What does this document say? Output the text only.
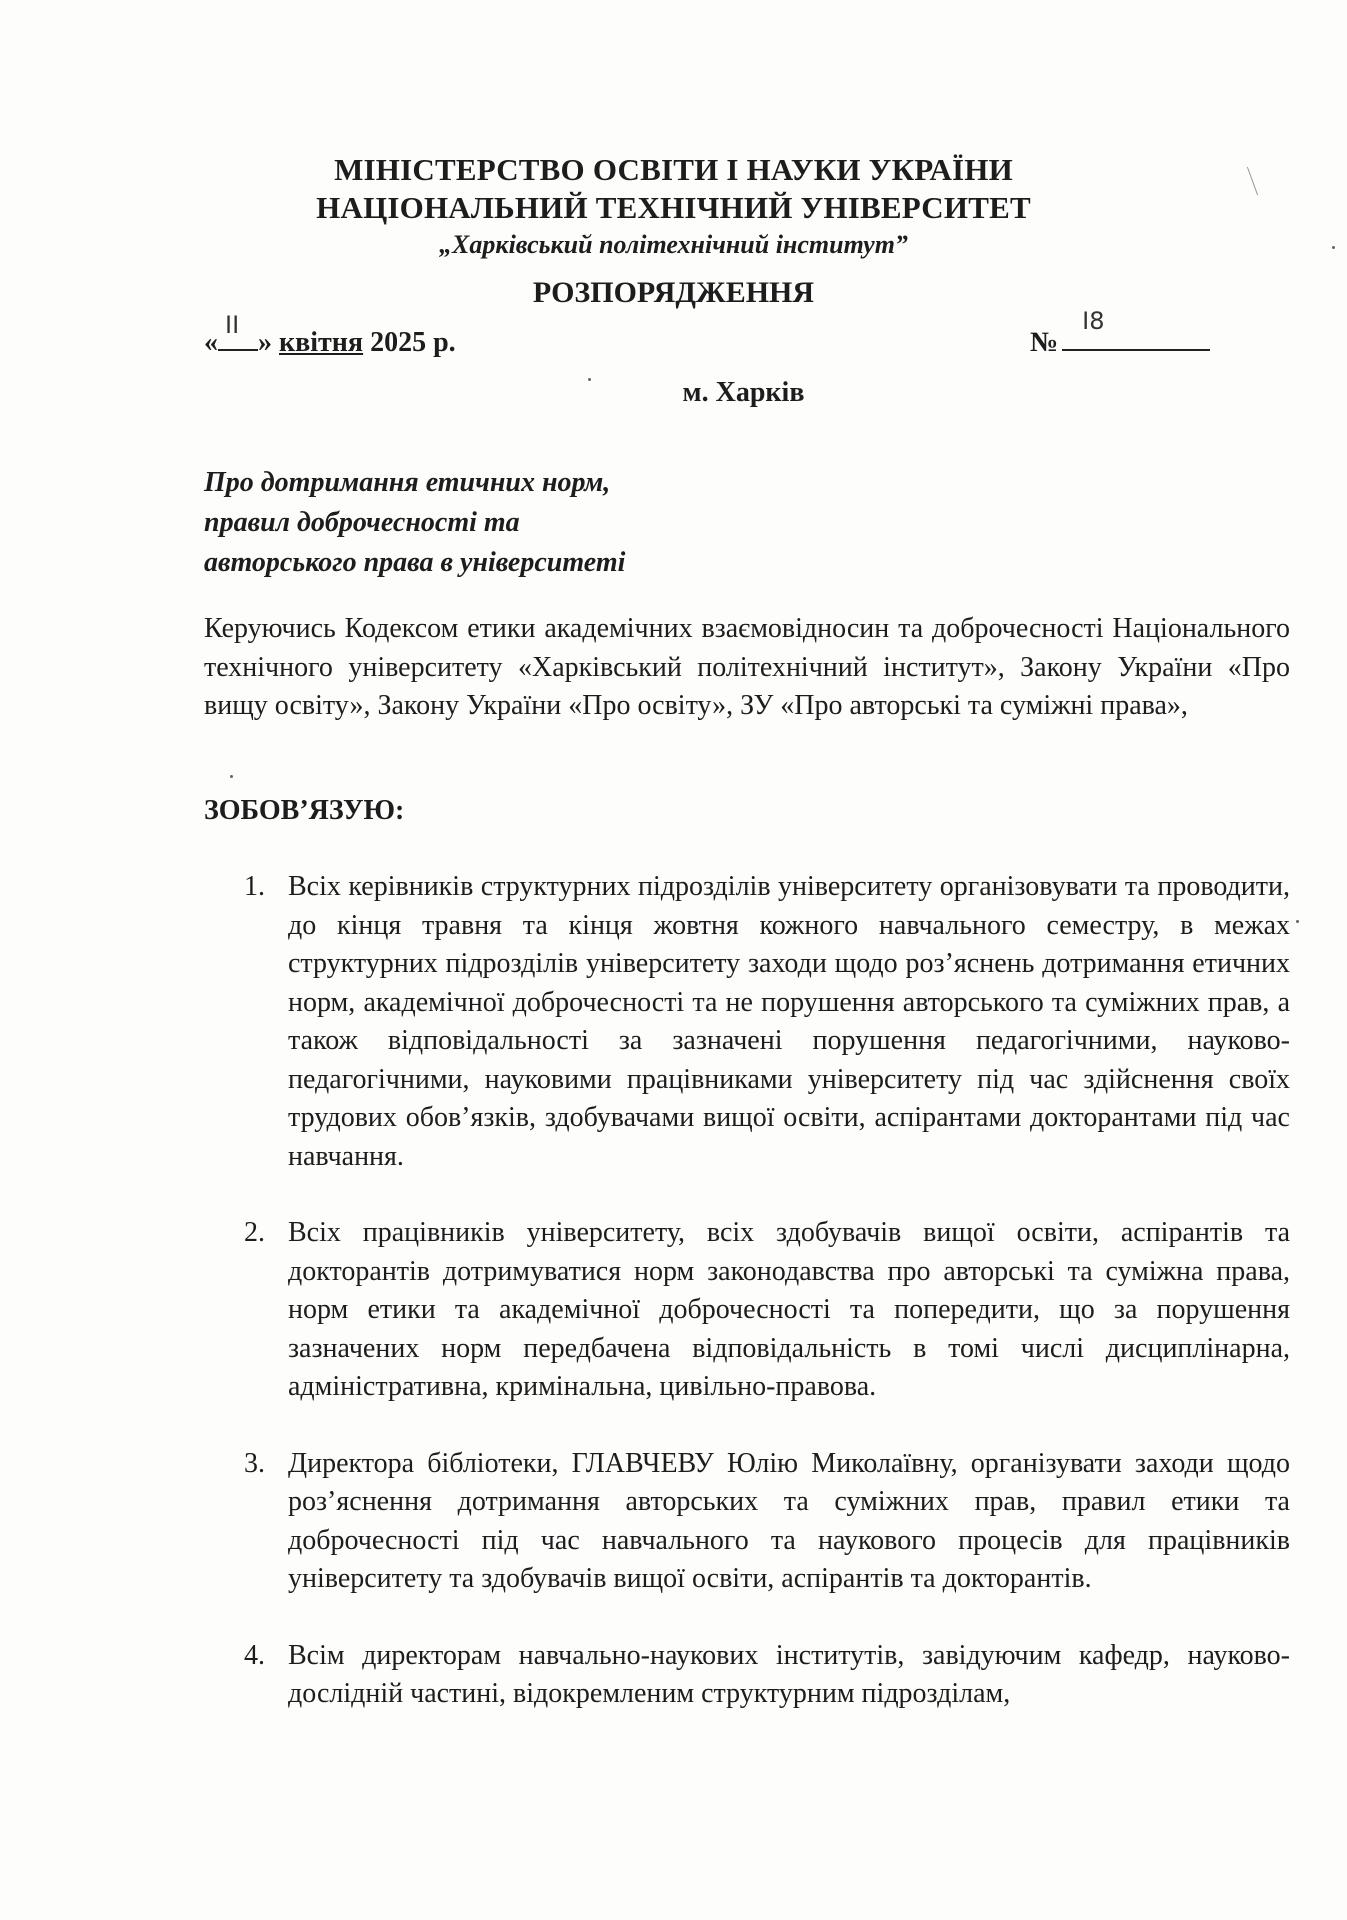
МІНІСТЕРСТВО ОСВІТИ І НАУКИ УКРАЇНИ
НАЦІОНАЛЬНИЙ ТЕХНІЧНИЙ УНІВЕРСИТЕТ
„Харківський політехнічний інститут”
РОЗПОРЯДЖЕННЯ
«
II
» квітня 2025 р.	№
I8
м. Харків
Про дотримання етичних норм,
правил доброчесності та
авторського права в університеті
Керуючись Кодексом етики академічних взаємовідносин та доброчесності Національного технічного університету «Харківський політехнічний інститут», Закону України «Про вищу освіту», Закону України «Про освіту», ЗУ «Про авторські та суміжні права»,
ЗОБОВ’ЯЗУЮ:
1. Всіх керівників структурних підрозділів університету організовувати та проводити, до кінця травня та кінця жовтня кожного навчального семестру, в межах структурних підрозділів університету заходи щодо роз’яснень дотримання етичних норм, академічної доброчесності та не порушення авторського та суміжних прав, а також відповідальності за зазначені порушення педагогічними, науково-педагогічними, науковими працівниками університету під час здійснення своїх трудових обов’язків, здобувачами вищої освіти, аспірантами докторантами під час навчання.
2. Всіх працівників університету, всіх здобувачів вищої освіти, аспірантів та докторантів дотримуватися норм законодавства про авторські та суміжна права, норм етики та академічної доброчесності та попередити, що за порушення зазначених норм передбачена відповідальність в томі числі дисциплінарна, адміністративна, кримінальна, цивільно-правова.
3. Директора бібліотеки, ГЛАВЧЕВУ Юлію Миколаївну, організувати заходи щодо роз’яснення дотримання авторських та суміжних прав, правил етики та доброчесності під час навчального та наукового процесів для працівників університету та здобувачів вищої освіти, аспірантів та докторантів.
4. Всім директорам навчально-наукових інститутів, завідуючим кафедр, науково-дослідній частині, відокремленим структурним підрозділам,
